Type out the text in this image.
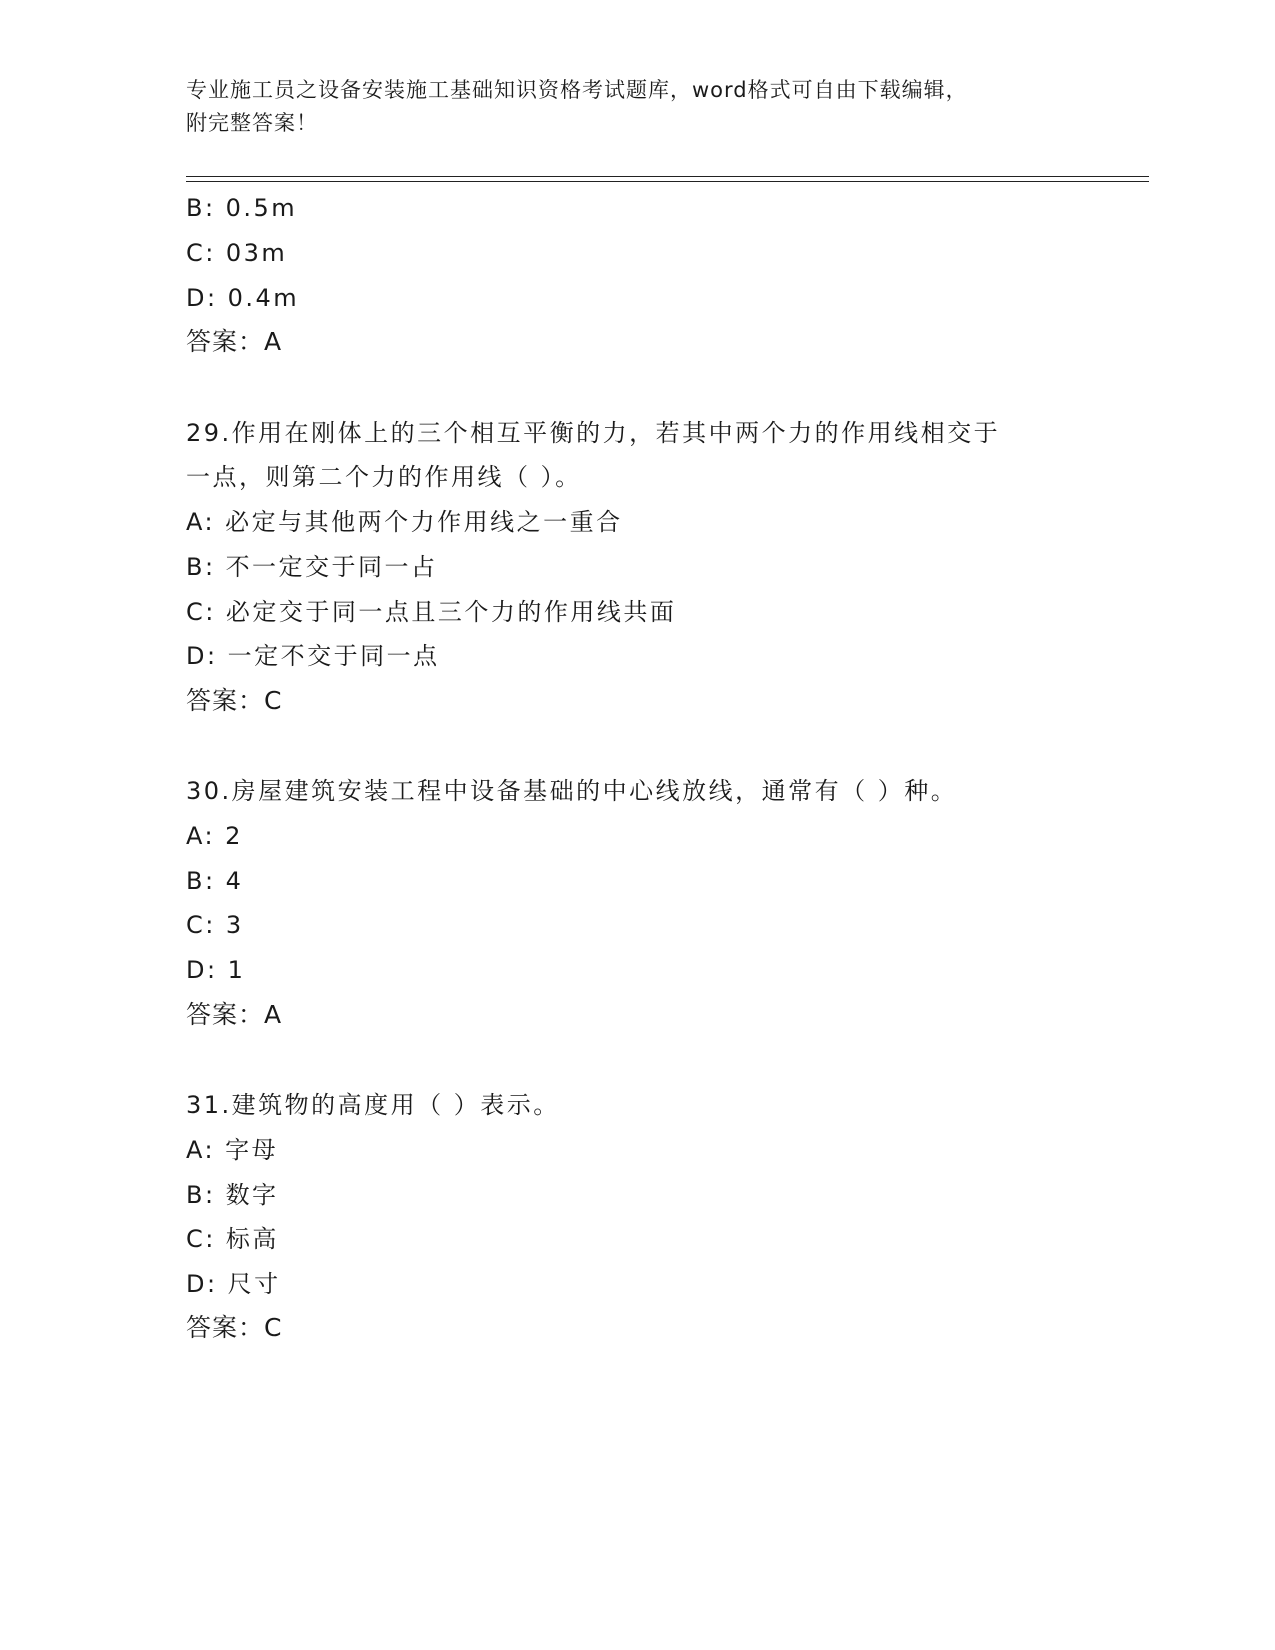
专业施工员之设备安装施工基础知识资格考试题库，word格式可自由下载编辑，
附完整答案！
B: 0.5m
C: 03m
D: 0.4m
答案：A
29.作用在刚体上的三个相互平衡的力，若其中两个力的作用线相交于
一点，则第二个力的作用线（ ）。
A: 必定与其他两个力作用线之一重合
B: 不一定交于同一占
C: 必定交于同一点且三个力的作用线共面
D: 一定不交于同一点
答案：C
30.房屋建筑安装工程中设备基础的中心线放线，通常有（ ）种。
A: 2
B: 4
C: 3
D: 1
答案：A
31.建筑物的高度用（ ）表示。
A: 字母
B: 数字
C: 标高
D: 尺寸
答案：C
